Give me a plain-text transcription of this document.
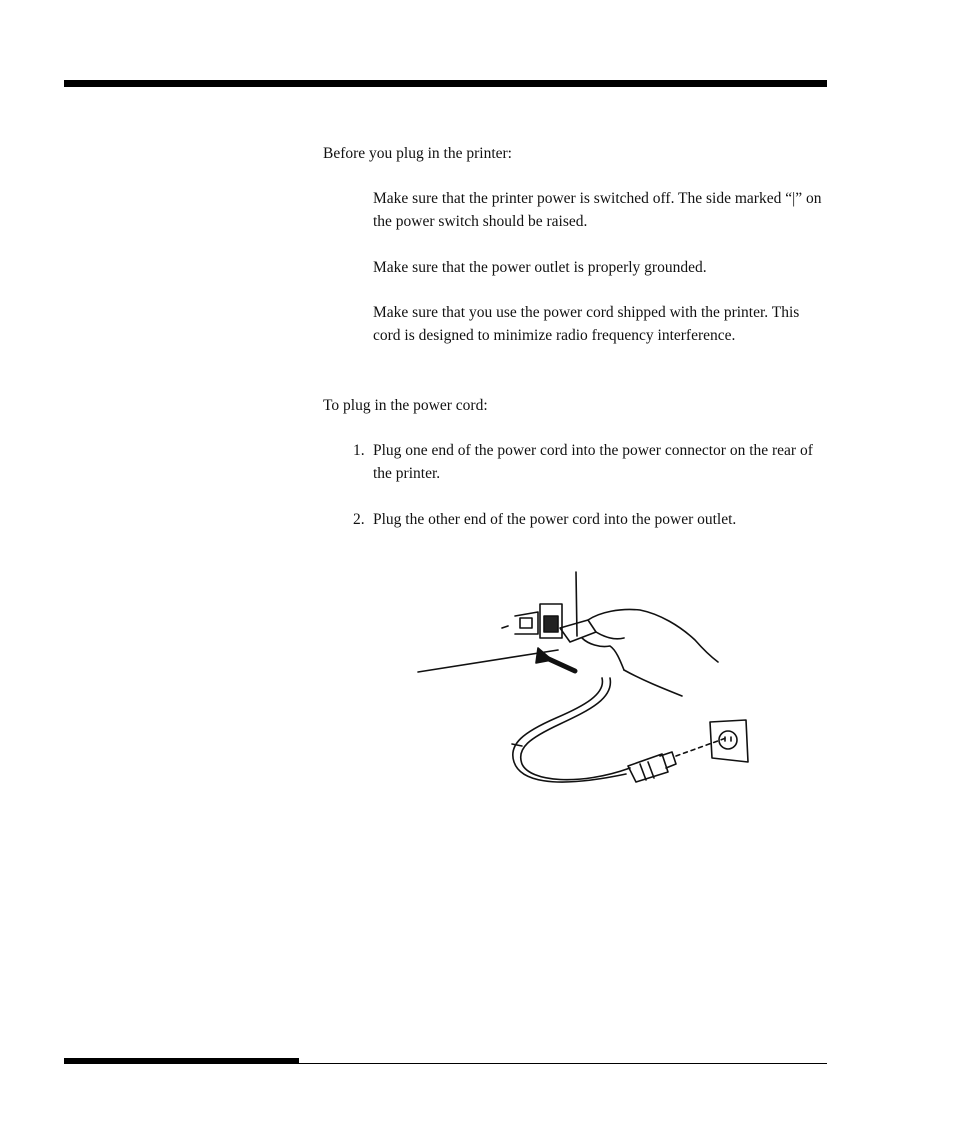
Before you plug in the printer:
Make sure that the printer power is switched off. The side marked “|” on the power switch should be raised.
Make sure that the power outlet is properly grounded.
Make sure that you use the power cord shipped with the printer. This cord is designed to minimize radio frequency interference.
To plug in the power cord:
1. Plug one end of the power cord into the power connector on the rear of the printer.
2. Plug the other end of the power cord into the power outlet.
